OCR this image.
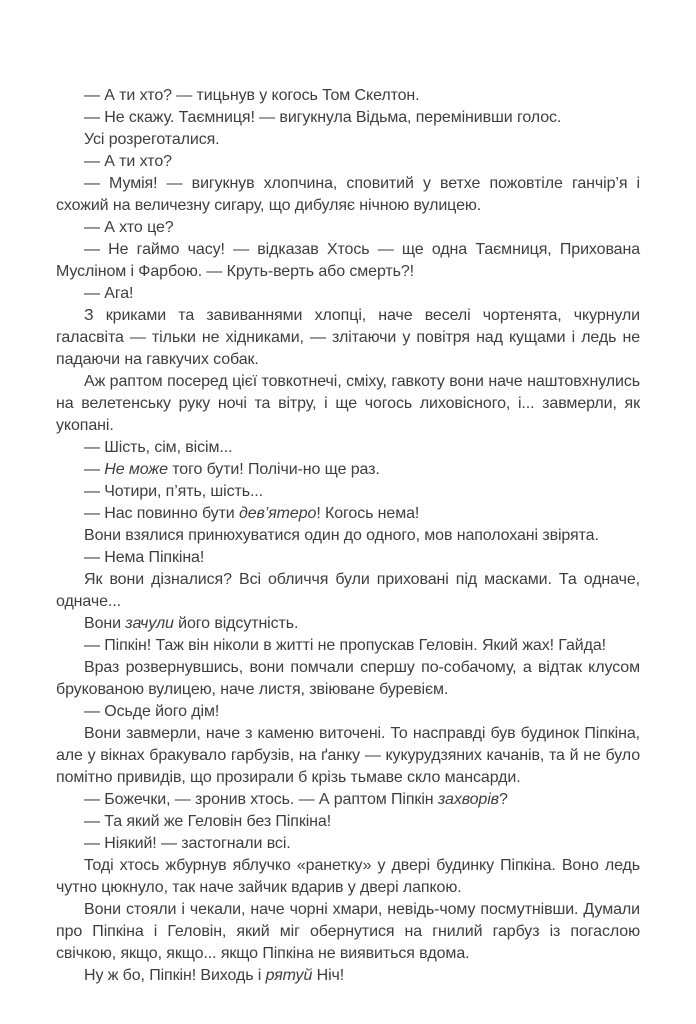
— А ти хто? — тицьнув у когось Том Скелтон.

— Не скажу. Таємниця! — вигукнула Відьма, перемінивши голос.

Усі розреготалися.

— А ти хто?

— Мумія! — вигукнув хлопчина, сповитий у ветхе пожовтіле ганчір’я і схожий на величезну сигару, що дибуляє нічною вулицею.

— А хто це?

— Не гаймо часу! — відказав Хтось — ще одна Таємниця, Прихована Мусліном і Фарбою. — Круть-верть або смерть?!

— Ага!

З криками та завиваннями хлопці, наче веселі чортенята, чкурнули галасвіта — тільки не хідниками, — злітаючи у повітря над кущами і ледь не падаючи на гавкучих собак.

Аж раптом посеред цієї товкотнечі, сміху, гавкоту вони наче наштовхнулись на велетенську руку ночі та вітру, і ще чогось лиховісного, і... завмерли, як укопані.

— Шість, сім, вісім...

— Не може того бути! Полічи-но ще раз.

— Чотири, п’ять, шість...

— Нас повинно бути дев’ятеро! Когось нема!

Вони взялися принюхуватися один до одного, мов наполохані звірята.

— Нема Піпкіна!

Як вони дізналися? Всі обличчя були приховані під масками. Та одначе, одначе...

Вони зачули його відсутність.

— Піпкін! Таж він ніколи в житті не пропускав Геловін. Який жах! Гайда!

Враз розвернувшись, вони помчали спершу по-собачому, а відтак клусом брукованою вулицею, наче листя, звіюване буревієм.

— Осьде його дім!

Вони завмерли, наче з каменю виточені. То насправді був будинок Піпкіна, але у вікнах бракувало гарбузів, на ґанку — кукурудзяних качанів, та й не було помітно привидів, що прозирали б крізь тьмаве скло мансарди.

— Божечки, — зронив хтось. — А раптом Піпкін захворів?

— Та який же Геловін без Піпкіна!

— Ніякий! — застогнали всі.

Тоді хтось жбурнув яблучко «ранетку» у двері будинку Піпкіна. Воно ледь чутно цюкнуло, так наче зайчик вдарив у двері лапкою.

Вони стояли і чекали, наче чорні хмари, невідь-чому посмутнівши. Думали про Піпкіна і Геловін, який міг обернутися на гнилий гарбуз із погаслою свічкою, якщо, якщо... якщо Піпкіна не виявиться вдома.

Ну ж бо, Піпкін! Виходь і рятуй Ніч!
